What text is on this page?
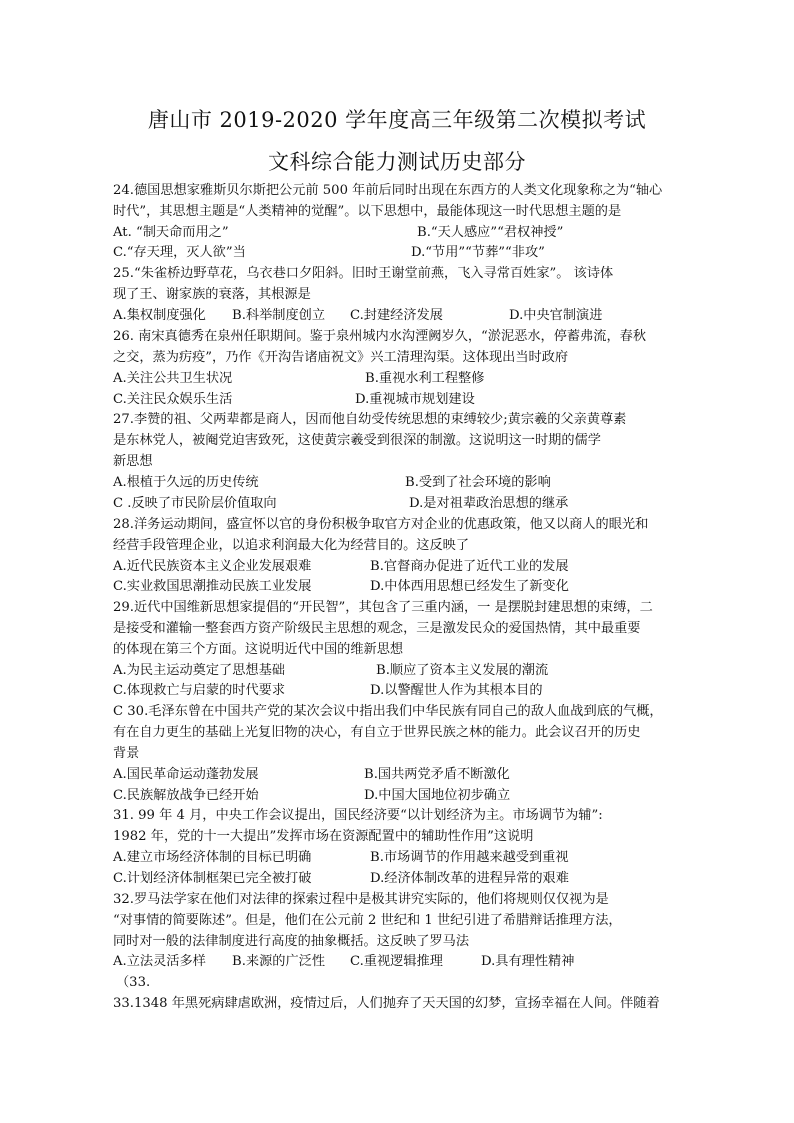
唐山市 2019-2020 学年度高三年级第二次模拟考试
文科综合能力测试历史部分
24.德国思想家雅斯贝尔斯把公元前 500 年前后同时出现在东西方的人类文化现象称之为“轴心
时代”，其思想主题是“人类精神的觉醒”。以下思想中，最能体现这一时代思想主题的是
At. “制天命而用之”	B.“天人感应”“君权神授”
C.“存天理，灭人欲”当	D.“节用”“节葬”“非攻”
25.“朱雀桥边野草花，乌衣巷口夕阳斜。旧时王谢堂前燕，飞入寻常百姓家”。 该诗体
现了王、谢家族的衰落，其根源是
A.集权制度强化 B.科举制度创立 C.封建经济发展	D.中央官制演进
26. 南宋真德秀在泉州任职期间。鉴于泉州城内水沟湮阙岁久，“淤泥恶水，停蓄弗流，春秋
之交，蒸为疠疫”，乃作《开沟告诸庙祝文》兴工清理沟渠。这体现出当时政府
A.关注公共卫生状况	B.重视水利工程整修
C.关注民众娱乐生活	D.重视城市规划建设
27.李赞的祖、父两辈都是商人，因而他自幼受传统思想的束缚较少;黄宗羲的父亲黄尊素
是东林党人，被阉党迫害致死，这使黄宗羲受到很深的制激。这说明这一时期的儒学
新思想
A.根植于久远的历史传统	B.受到了社会环境的影响
C .反映了市民阶层价值取向	D.是对祖辈政治思想的继承
28.洋务运动期间，盛宣怀以官的身份积极争取官方对企业的优惠政策，他又以商人的眼光和
经营手段管理企业，以追求利润最大化为经营目的。这反映了
A.近代民族资本主义企业发展艰难	B.官督商办促进了近代工业的发展
C.实业救国思潮推动民族工业发展	D.中体西用思想已经发生了新变化
29.近代中国维新思想家提倡的“开民智”，其包含了三重内涵，一 是摆脱封建思想的束缚，二
是接受和灌输一整套西方资产阶级民主思想的观念，三是激发民众的爱国热情，其中最重要
的体现在第三个方面。这说明近代中国的维新思想
A.为民主运动奠定了思想基础	B.顺应了资本主义发展的潮流
C.体现救亡与启蒙的时代要求	D.以警醒世人作为其根本目的
C 30.毛泽东曾在中国共产党的某次会议中指出我们中华民族有同自己的敌人血战到底的气概，
有在自力更生的基础上光复旧物的决心，有自立于世界民族之林的能力。此会议召开的历史
背景
A.国民革命运动蓬勃发展	B.国共两党矛盾不断激化
C.民族解放战争已经开始	D.中国大国地位初步确立
31. 99 年 4 月，中央工作会议提出，国民经济要“以计划经济为主。市场调节为辅”:
1982 年，党的十一大提出”发挥市场在资源配置中的辅助性作用”这说明
A.建立市场经济体制的目标已明确	B.市场调节的作用越来越受到重视
C.计划经济体制框架已完全被打破	D.经济体制改革的进程异常的艰难
32.罗马法学家在他们对法律的探索过程中是极其讲究实际的，他们将规则仅仅视为是
“对事情的简要陈述”。但是，他们在公元前 2 世纪和 1 世纪引进了希腊辩话推理方法，
同时对一般的法律制度进行高度的抽象概括。这反映了罗马法
A.立法灵活多样 B.来源的广泛性 C.重视逻辑推理	D.具有理性精神
（33.
33.1348 年黑死病肆虐欧洲，疫情过后，人们抛弃了天天国的幻梦，宣扬幸福在人间。伴随着
